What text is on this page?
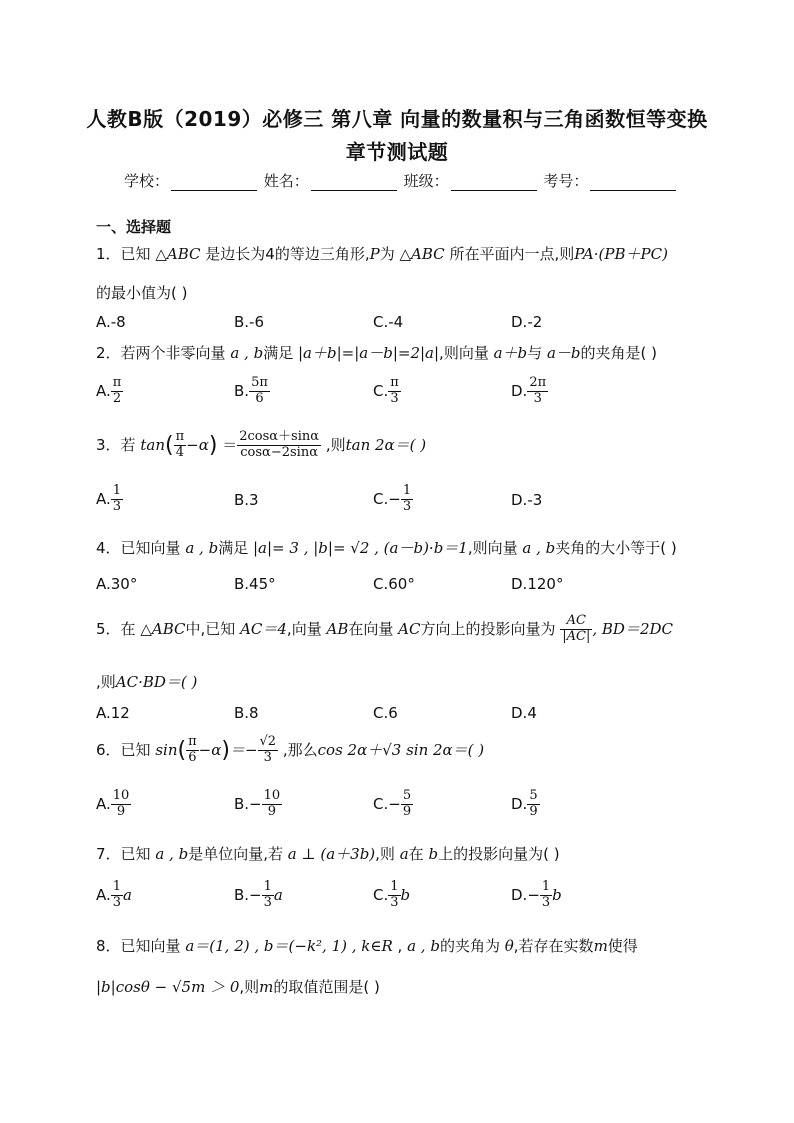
人教B版（2019）必修三 第八章 向量的数量积与三角函数恒等变换
章节测试题
学校：	姓名：	班级：	考号：
一、选择题
1．已知 △ABC 是边长为4的等边三角形,P为 △ABC 所在平面内一点,则PA·(PB＋PC)
的最小值为( )
A.-8	B.-6	C.-4	D.-2
2．若两个非零向量 a , b满足 |a＋b|=|a－b|=2|a|,则向量 a＋b与 a－b的夹角是( )
A. $\frac{\pi}{2}$	B. $\frac{5\pi}{6}$	C. $\frac{\pi}{3}$	D. $\frac{2\pi}{3}$
3．若 $\tan( \frac{\pi}{4} -\alpha) = \frac{2\cos\alpha+\sin\alpha}{\cos\alpha-2\sin\alpha}$ ,则tan 2α＝( )
A. $\frac{1}{3}$	B.3	$C.- \frac{1}{3}$	D.-3
4．已知向量 a , b满足 |a|= 3 , |b|= √2 , (a－b)·b＝1,则向量 a , b夹角的大小等于( )
A.30°	B.45°	C.60°	D.120°
5．在 △ABC中,已知 AC＝4,向量 AB在向量 AC方向上的投影向量为 $\frac{AC}{|AC|}$ , BD＝2DC
,则AC·BD＝( )
A.12	B.8	C.6	D.4
6．已知 $\sin( \frac{\pi}{6} -\alpha)=- \frac{√2}{3}$ ,那么cos 2α＋√3 sin 2α＝( )
A. $\frac{10}{9}$	$B.- \frac{10}{9}$	$C.- \frac{5}{9}$	D. $\frac{5}{9}$
7．已知 a , b是单位向量,若 a ⊥ (a＋3b),则 a在 b上的投影向量为( )
A. $\frac{1}{3}$ a	$B.- \frac{1}{3}$ a	C. $\frac{1}{3}$ b	$D.- \frac{1}{3}$ b
8．已知向量 a＝(1, 2) , b＝(−k², 1) , k∈R , a , b的夹角为 θ,若存在实数m使得
|b|cosθ − √5m ＞ 0,则m的取值范围是( )
